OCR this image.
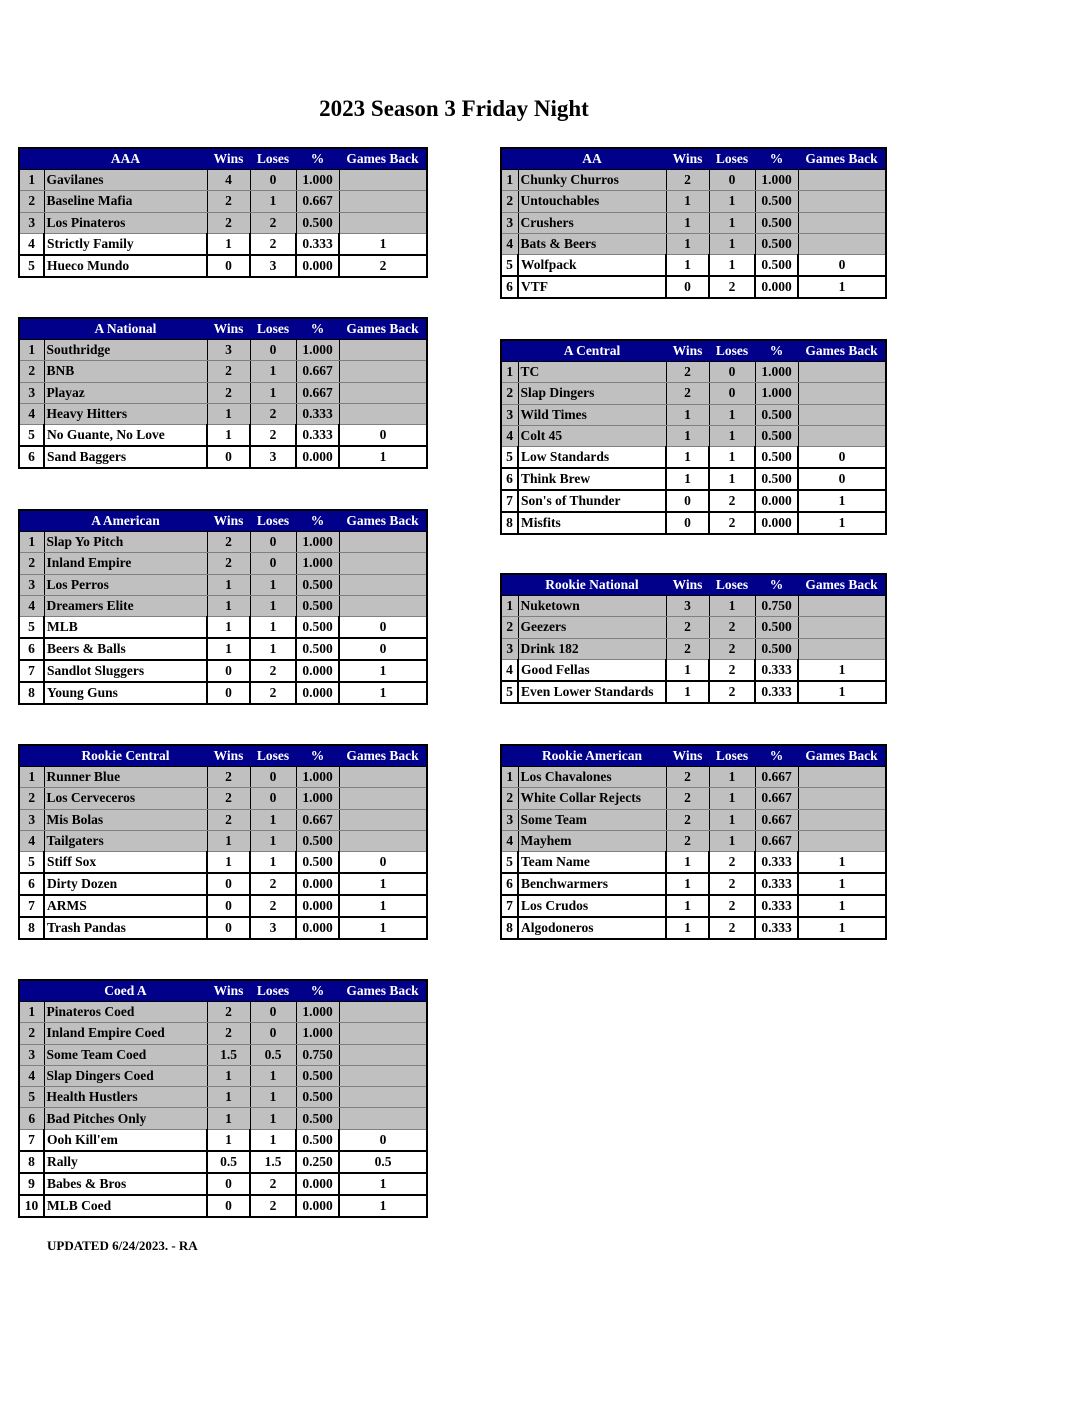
2023 Season 3 Friday Night
	AAA	Wins	Loses	%	Games Back
1	Gavilanes	4	0	1.000	
2	Baseline Mafia	2	1	0.667	
3	Los Pinateros	2	2	0.500	
4	Strictly Family	1	2	0.333	1
5	Hueco Mundo	0	3	0.000	2
	AA	Wins	Loses	%	Games Back
1	Chunky Churros	2	0	1.000	
2	Untouchables	1	1	0.500	
3	Crushers	1	1	0.500	
4	Bats & Beers	1	1	0.500	
5	Wolfpack	1	1	0.500	0
6	VTF	0	2	0.000	1
	A National	Wins	Loses	%	Games Back
1	Southridge	3	0	1.000	
2	BNB	2	1	0.667	
3	Playaz	2	1	0.667	
4	Heavy Hitters	1	2	0.333	
5	No Guante, No Love	1	2	0.333	0
6	Sand Baggers	0	3	0.000	1
	A Central	Wins	Loses	%	Games Back
1	TC	2	0	1.000	
2	Slap Dingers	2	0	1.000	
3	Wild Times	1	1	0.500	
4	Colt 45	1	1	0.500	
5	Low Standards	1	1	0.500	0
6	Think Brew	1	1	0.500	0
7	Son's of Thunder	0	2	0.000	1
8	Misfits	0	2	0.000	1
	A American	Wins	Loses	%	Games Back
1	Slap Yo Pitch	2	0	1.000	
2	Inland Empire	2	0	1.000	
3	Los Perros	1	1	0.500	
4	Dreamers Elite	1	1	0.500	
5	MLB	1	1	0.500	0
6	Beers & Balls	1	1	0.500	0
7	Sandlot Sluggers	0	2	0.000	1
8	Young Guns	0	2	0.000	1
	Rookie National	Wins	Loses	%	Games Back
1	Nuketown	3	1	0.750	
2	Geezers	2	2	0.500	
3	Drink 182	2	2	0.500	
4	Good Fellas	1	2	0.333	1
5	Even Lower Standards	1	2	0.333	1
	Rookie Central	Wins	Loses	%	Games Back
1	Runner Blue	2	0	1.000	
2	Los Cerveceros	2	0	1.000	
3	Mis Bolas	2	1	0.667	
4	Tailgaters	1	1	0.500	
5	Stiff Sox	1	1	0.500	0
6	Dirty Dozen	0	2	0.000	1
7	ARMS	0	2	0.000	1
8	Trash Pandas	0	3	0.000	1
	Rookie American	Wins	Loses	%	Games Back
1	Los Chavalones	2	1	0.667	
2	White Collar Rejects	2	1	0.667	
3	Some Team	2	1	0.667	
4	Mayhem	2	1	0.667	
5	Team Name	1	2	0.333	1
6	Benchwarmers	1	2	0.333	1
7	Los Crudos	1	2	0.333	1
8	Algodoneros	1	2	0.333	1
	Coed A	Wins	Loses	%	Games Back
1	Pinateros Coed	2	0	1.000	
2	Inland Empire Coed	2	0	1.000	
3	Some Team Coed	1.5	0.5	0.750	
4	Slap Dingers Coed	1	1	0.500	
5	Health Hustlers	1	1	0.500	
6	Bad Pitches Only	1	1	0.500	
7	Ooh Kill'em	1	1	0.500	0
8	Rally	0.5	1.5	0.250	0.5
9	Babes & Bros	0	2	0.000	1
10	MLB Coed	0	2	0.000	1
UPDATED 6/24/2023. - RA
